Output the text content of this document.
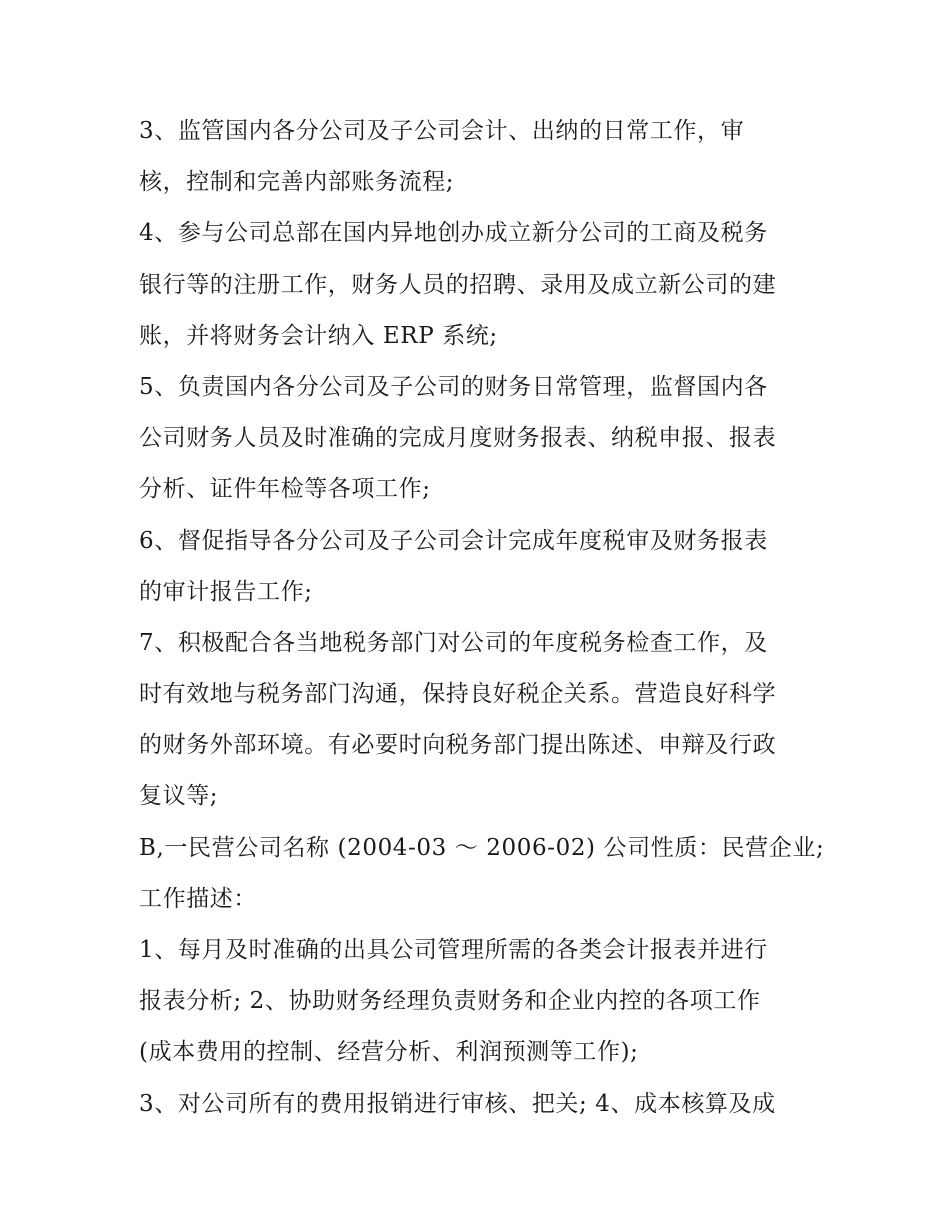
3、监管国内各分公司及子公司会计、出纳的日常工作，审
核，控制和完善内部账务流程;
4、参与公司总部在国内异地创办成立新分公司的工商及税务
银行等的注册工作，财务人员的招聘、录用及成立新公司的建
账，并将财务会计纳入 ERP 系统;
5、负责国内各分公司及子公司的财务日常管理，监督国内各
公司财务人员及时准确的完成月度财务报表、纳税申报、报表
分析、证件年检等各项工作;
6、督促指导各分公司及子公司会计完成年度税审及财务报表
的审计报告工作;
7、积极配合各当地税务部门对公司的年度税务检查工作，及
时有效地与税务部门沟通，保持良好税企关系。营造良好科学
的财务外部环境。有必要时向税务部门提出陈述、申辩及行政
复议等;
B,一民营公司名称 (2004-03 ～ 2006-02) 公司性质：民营企业;
工作描述：
1、每月及时准确的出具公司管理所需的各类会计报表并进行
报表分析; 2、协助财务经理负责财务和企业内控的各项工作
(成本费用的控制、经营分析、利润预测等工作);
3、对公司所有的费用报销进行审核、把关; 4、成本核算及成
